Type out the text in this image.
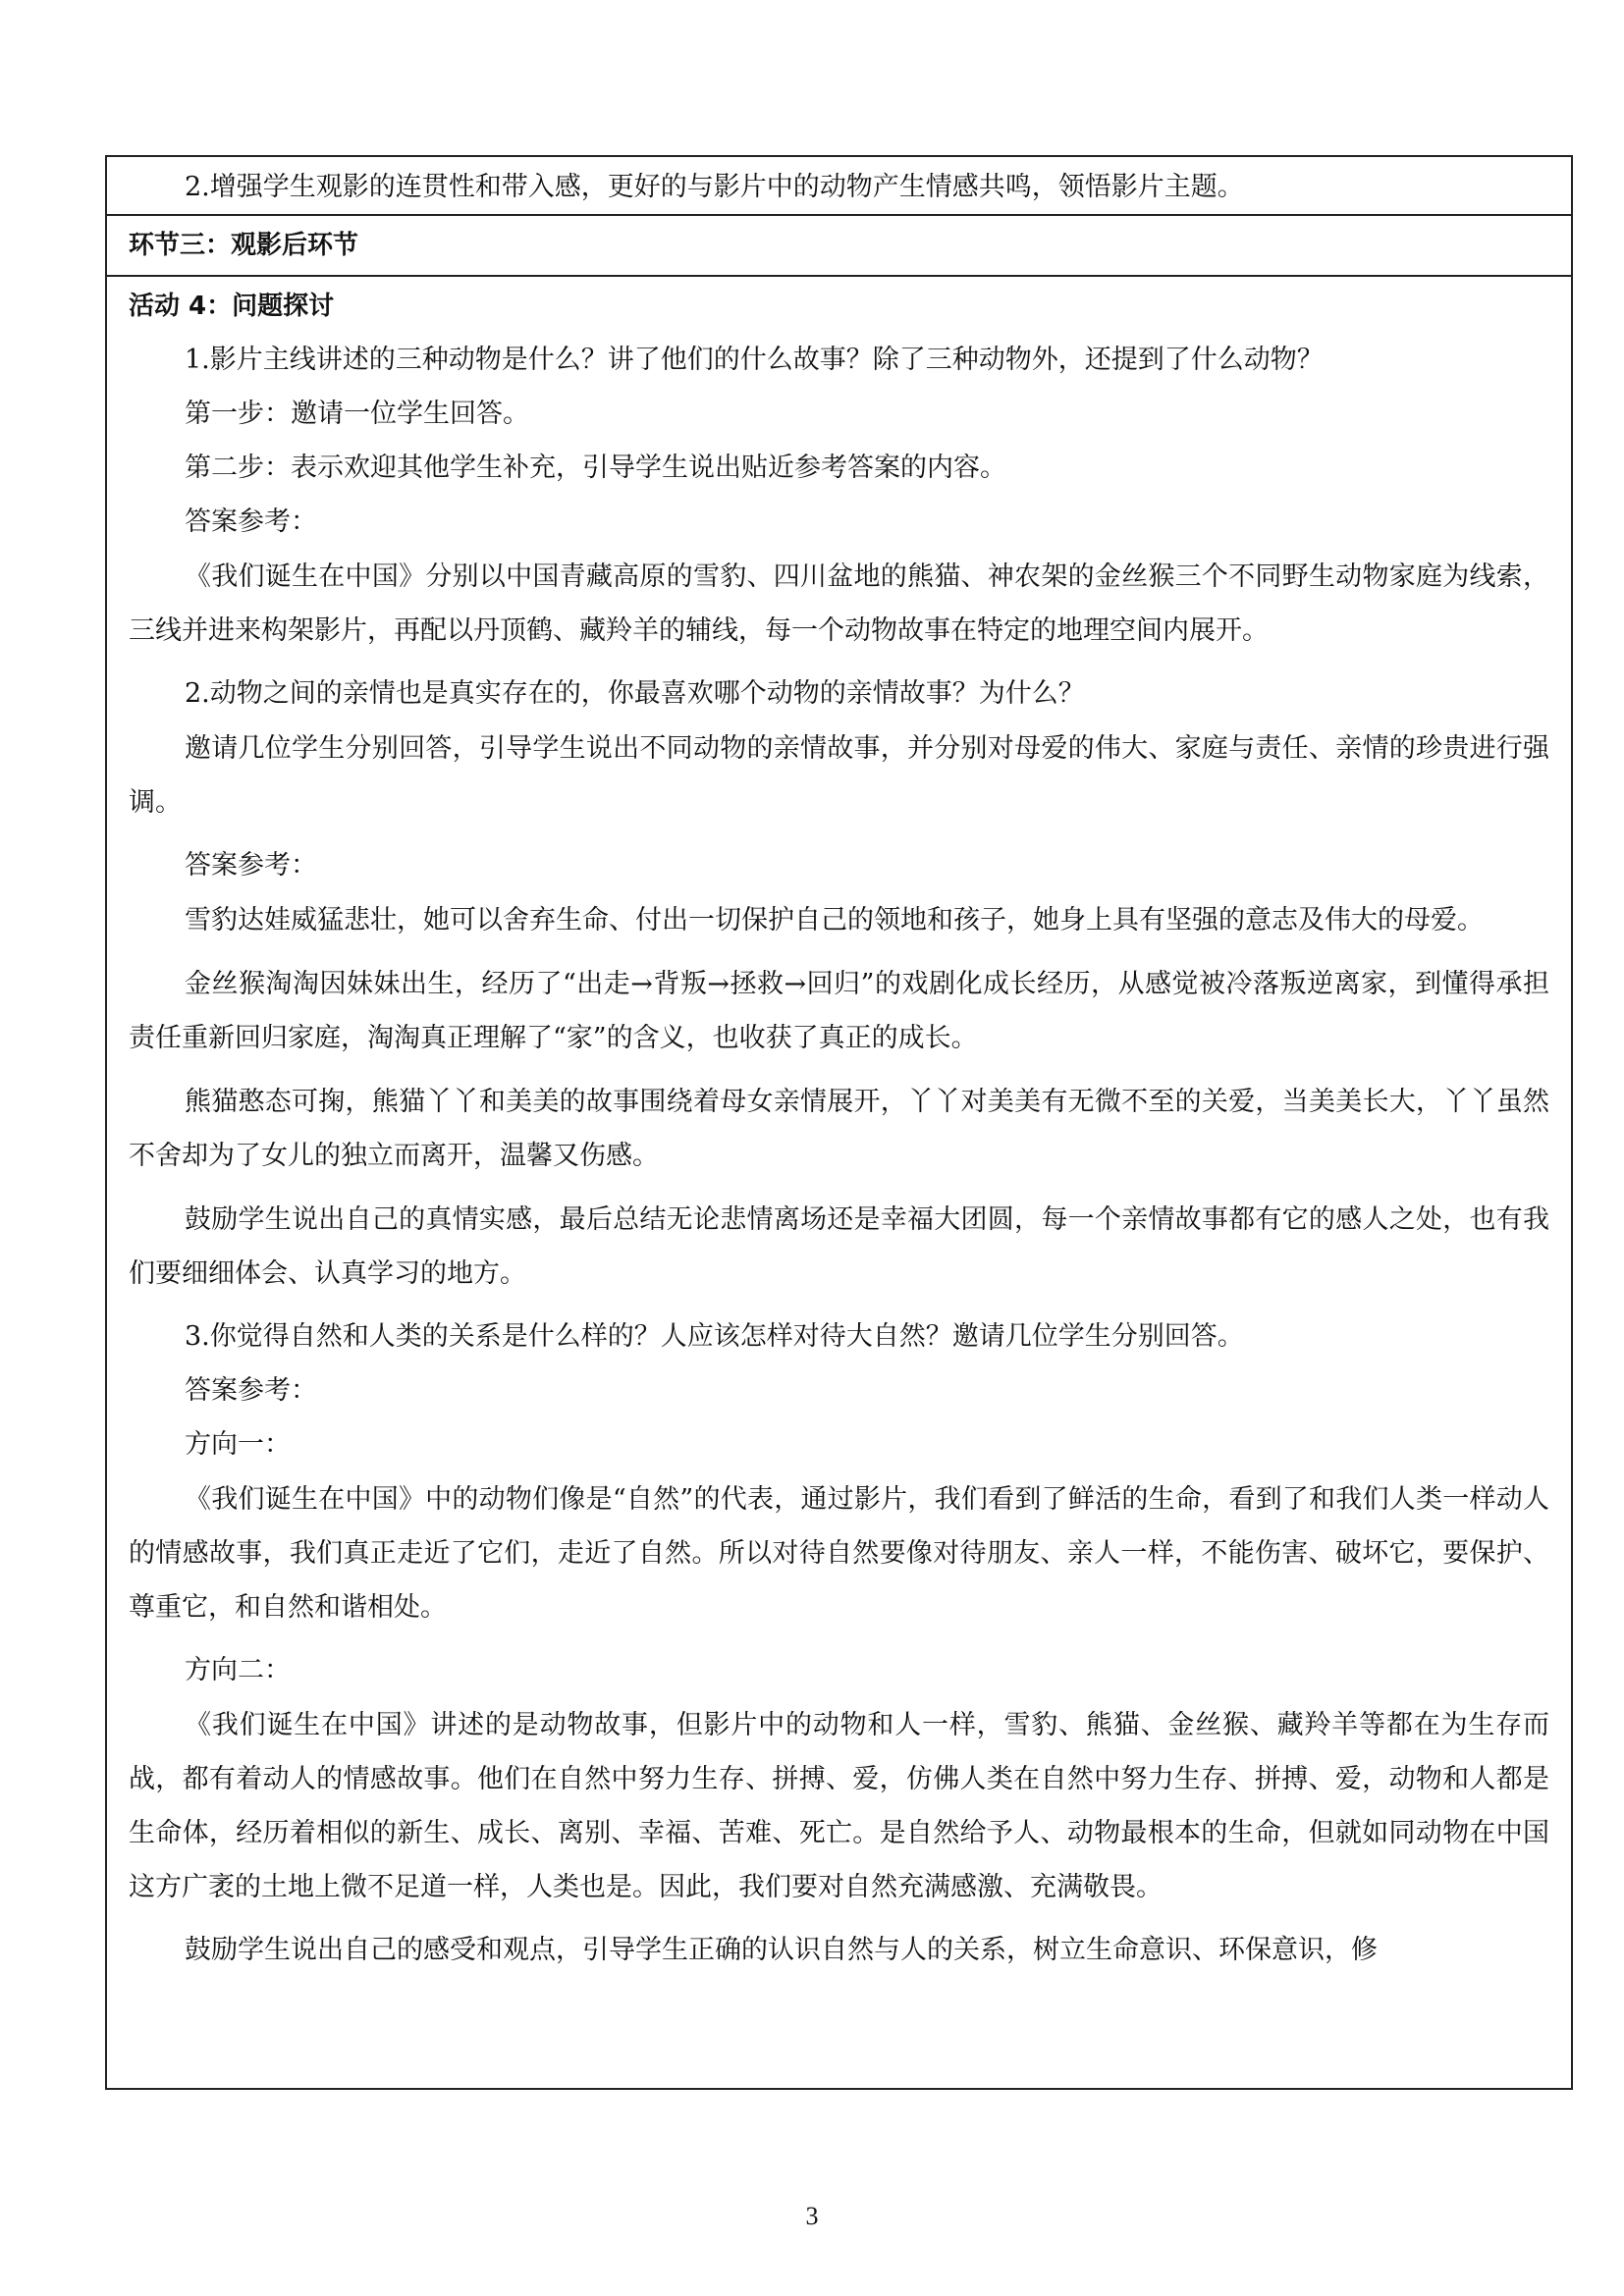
2.增强学生观影的连贯性和带入感，更好的与影片中的动物产生情感共鸣，领悟影片主题。
环节三：观影后环节
活动 4：问题探讨
1.影片主线讲述的三种动物是什么？讲了他们的什么故事？除了三种动物外，还提到了什么动物？
第一步：邀请一位学生回答。
第二步：表示欢迎其他学生补充，引导学生说出贴近参考答案的内容。
答案参考：
《我们诞生在中国》分别以中国青藏高原的雪豹、四川盆地的熊猫、神农架的金丝猴三个不同野生动物家庭为线索，三线并进来构架影片，再配以丹顶鹤、藏羚羊的辅线，每一个动物故事在特定的地理空间内展开。
2.动物之间的亲情也是真实存在的，你最喜欢哪个动物的亲情故事？为什么？
邀请几位学生分别回答，引导学生说出不同动物的亲情故事，并分别对母爱的伟大、家庭与责任、亲情的珍贵进行强调。
答案参考：
雪豹达娃威猛悲壮，她可以舍弃生命、付出一切保护自己的领地和孩子，她身上具有坚强的意志及伟大的母爱。
金丝猴淘淘因妹妹出生，经历了“出走→背叛→拯救→回归”的戏剧化成长经历，从感觉被冷落叛逆离家，到懂得承担责任重新回归家庭，淘淘真正理解了“家”的含义，也收获了真正的成长。
熊猫憨态可掬，熊猫丫丫和美美的故事围绕着母女亲情展开，丫丫对美美有无微不至的关爱，当美美长大，丫丫虽然不舍却为了女儿的独立而离开，温馨又伤感。
鼓励学生说出自己的真情实感，最后总结无论悲情离场还是幸福大团圆，每一个亲情故事都有它的感人之处，也有我们要细细体会、认真学习的地方。
3.你觉得自然和人类的关系是什么样的？人应该怎样对待大自然？邀请几位学生分别回答。
答案参考：
方向一：
《我们诞生在中国》中的动物们像是“自然”的代表，通过影片，我们看到了鲜活的生命，看到了和我们人类一样动人的情感故事，我们真正走近了它们，走近了自然。所以对待自然要像对待朋友、亲人一样，不能伤害、破坏它，要保护、尊重它，和自然和谐相处。
方向二：
《我们诞生在中国》讲述的是动物故事，但影片中的动物和人一样，雪豹、熊猫、金丝猴、藏羚羊等都在为生存而战，都有着动人的情感故事。他们在自然中努力生存、拼搏、爱，仿佛人类在自然中努力生存、拼搏、爱，动物和人都是生命体，经历着相似的新生、成长、离别、幸福、苦难、死亡。是自然给予人、动物最根本的生命，但就如同动物在中国这方广袤的土地上微不足道一样，人类也是。因此，我们要对自然充满感激、充满敬畏。
鼓励学生说出自己的感受和观点，引导学生正确的认识自然与人的关系，树立生命意识、环保意识，修
3
